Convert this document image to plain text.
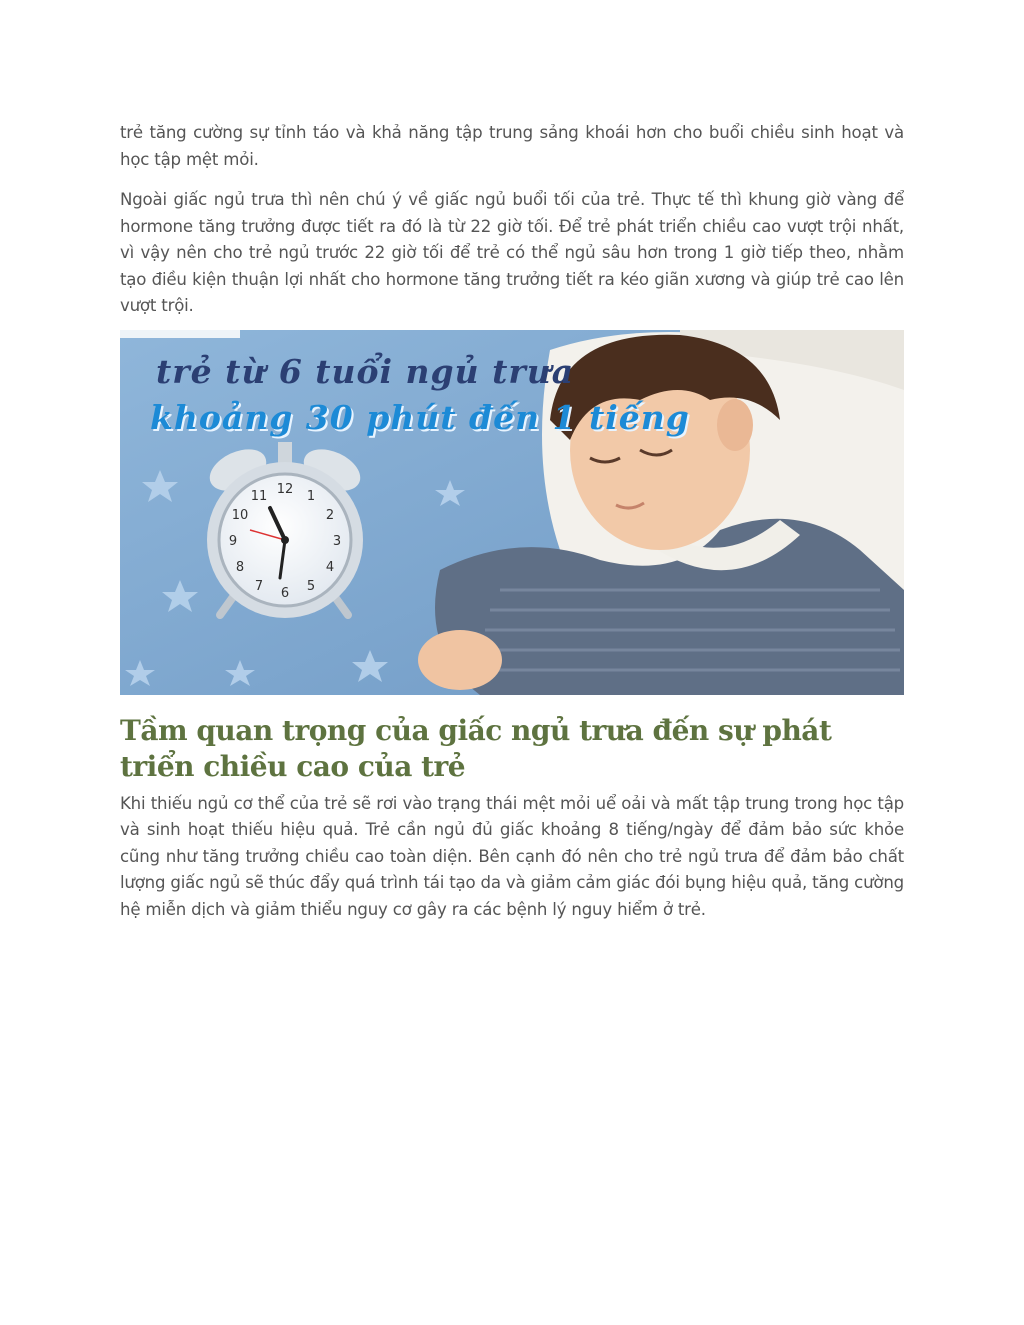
trẻ tăng cường sự tỉnh táo và khả năng tập trung sảng khoái hơn cho buổi chiều sinh hoạt và học tập mệt mỏi.

Ngoài giấc ngủ trưa thì nên chú ý về giấc ngủ buổi tối của trẻ. Thực tế thì khung giờ vàng để hormone tăng trưởng được tiết ra đó là từ 22 giờ tối. Để trẻ phát triển chiều cao vượt trội nhất, vì vậy nên cho trẻ ngủ trước 22 giờ tối để trẻ có thể ngủ sâu hơn trong 1 giờ tiếp theo, nhằm tạo điều kiện thuận lợi nhất cho hormone tăng trưởng tiết ra kéo giãn xương và giúp trẻ cao lên vượt trội.

12 1
2
3
4
5
6
7
8
9
10
11
trẻ từ 6 tuổi ngủ trưa
khoảng 30 phút đến 1 tiếng
Tầm quan trọng của giấc ngủ trưa đến sự phát triển chiều cao của trẻ

Khi thiếu ngủ cơ thể của trẻ sẽ rơi vào trạng thái mệt mỏi uể oải và mất tập trung trong học tập và sinh hoạt thiếu hiệu quả. Trẻ cần ngủ đủ giấc khoảng 8 tiếng/ngày để đảm bảo sức khỏe cũng như tăng trưởng chiều cao toàn diện. Bên cạnh đó nên cho trẻ ngủ trưa để đảm bảo chất lượng giấc ngủ sẽ thúc đẩy quá trình tái tạo da và giảm cảm giác đói bụng hiệu quả, tăng cường hệ miễn dịch và giảm thiểu nguy cơ gây ra các bệnh lý nguy hiểm ở trẻ.
